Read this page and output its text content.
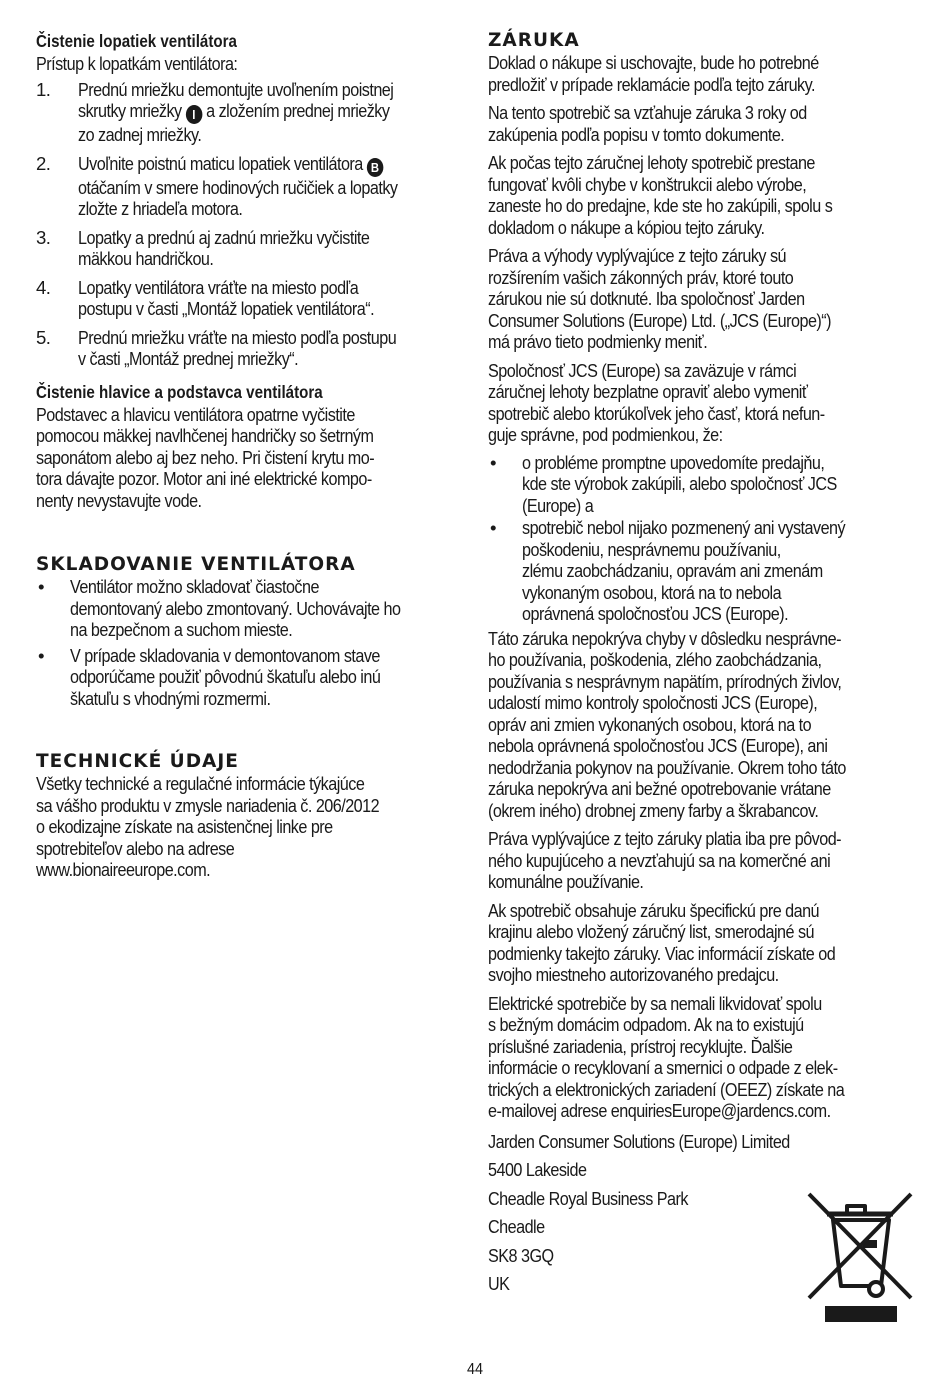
Čistenie lopatiek ventilátora

Prístup k lopatkám ventilátora:

1. Prednú mriežku demontujte uvoľnením poistnej
skrutky mriežky I a zložením prednej mriežky
zo zadnej mriežky.
2. Uvoľnite poistnú maticu lopatiek ventilátora B
otáčaním v smere hodinových ručičiek a lopatky
zložte z hriadeľa motora.
3. Lopatky a prednú aj zadnú mriežku vyčistite
mäkkou handričkou.
4. Lopatky ventilátora vráťte na miesto podľa
postupu v časti „Montáž lopatiek ventilátora“.
5. Prednú mriežku vráťte na miesto podľa postupu
v časti „Montáž prednej mriežky“.

Čistenie hlavice a podstavca ventilátora

Podstavec a hlavicu ventilátora opatrne vyčistite
pomocou mäkkej navlhčenej handričky so šetrným
saponátom alebo aj bez neho. Pri čistení krytu mo-
tora dávajte pozor. Motor ani iné elektrické kompo-
nenty nevystavujte vode.

SKLADOVANIE VENTILÁTORA

• Ventilátor možno skladovať čiastočne
demontovaný alebo zmontovaný. Uchovávajte ho
na bezpečnom a suchom mieste.
• V prípade skladovania v demontovanom stave
odporúčame použiť pôvodnú škatuľu alebo inú
škatuľu s vhodnými rozmermi.

TECHNICKÉ ÚDAJE

Všetky technické a regulačné informácie týkajúce
sa vášho produktu v zmysle nariadenia č. 206/2012
o ekodizajne získate na asistenčnej linke pre
spotrebiteľov alebo na adrese
www.bionaireeurope.com.

ZÁRUKA

Doklad o nákupe si uschovajte, bude ho potrebné
predložiť v prípade reklamácie podľa tejto záruky.

Na tento spotrebič sa vzťahuje záruka 3 roky od
zakúpenia podľa popisu v tomto dokumente.

Ak počas tejto záručnej lehoty spotrebič prestane
fungovať kvôli chybe v konštrukcii alebo výrobe,
zaneste ho do predajne, kde ste ho zakúpili, spolu s
dokladom o nákupe a kópiou tejto záruky.

Práva a výhody vyplývajúce z tejto záruky sú
rozšírením vašich zákonných práv, ktoré touto
zárukou nie sú dotknuté. Iba spoločnosť Jarden
Consumer Solutions (Europe) Ltd. („JCS (Europe)“)
má právo tieto podmienky meniť.

Spoločnosť JCS (Europe) sa zaväzuje v rámci
záručnej lehoty bezplatne opraviť alebo vymeniť
spotrebič alebo ktorúkoľvek jeho časť, ktorá nefun-
guje správne, pod podmienkou, že:

• o probléme promptne upovedomíte predajňu,
kde ste výrobok zakúpili, alebo spoločnosť JCS
(Europe) a
• spotrebič nebol nijako pozmenený ani vystavený
poškodeniu, nesprávnemu používaniu,
zlému zaobchádzaniu, opravám ani zmenám
vykonaným osobou, ktorá na to nebola
oprávnená spoločnosťou JCS (Europe).

Táto záruka nepokrýva chyby v dôsledku nesprávne-
ho používania, poškodenia, zlého zaobchádzania,
používania s nesprávnym napätím, prírodných živlov,
udalostí mimo kontroly spoločnosti JCS (Europe),
opráv ani zmien vykonaných osobou, ktorá na to
nebola oprávnená spoločnosťou JCS (Europe), ani
nedodržania pokynov na používanie. Okrem toho táto
záruka nepokrýva ani bežné opotrebovanie vrátane
(okrem iného) drobnej zmeny farby a škrabancov.

Práva vyplývajúce z tejto záruky platia iba pre pôvod-
ného kupujúceho a nevzťahujú sa na komerčné ani
komunálne používanie.

Ak spotrebič obsahuje záruku špecifickú pre danú
krajinu alebo vložený záručný list, smerodajné sú
podmienky takejto záruky. Viac informácií získate od
svojho miestneho autorizovaného predajcu.

Elektrické spotrebiče by sa nemali likvidovať spolu
s bežným domácim odpadom. Ak na to existujú
príslušné zariadenia, prístroj recyklujte. Ďalšie
informácie o recyklovaní a smernici o odpade z elek-
trických a elektronických zariadení (OEEZ) získate na
e-mailovej adrese enquiriesEurope@jardencs.com.

Jarden Consumer Solutions (Europe) Limited

5400 Lakeside

Cheadle Royal Business Park

Cheadle

SK8 3GQ

UK

44
